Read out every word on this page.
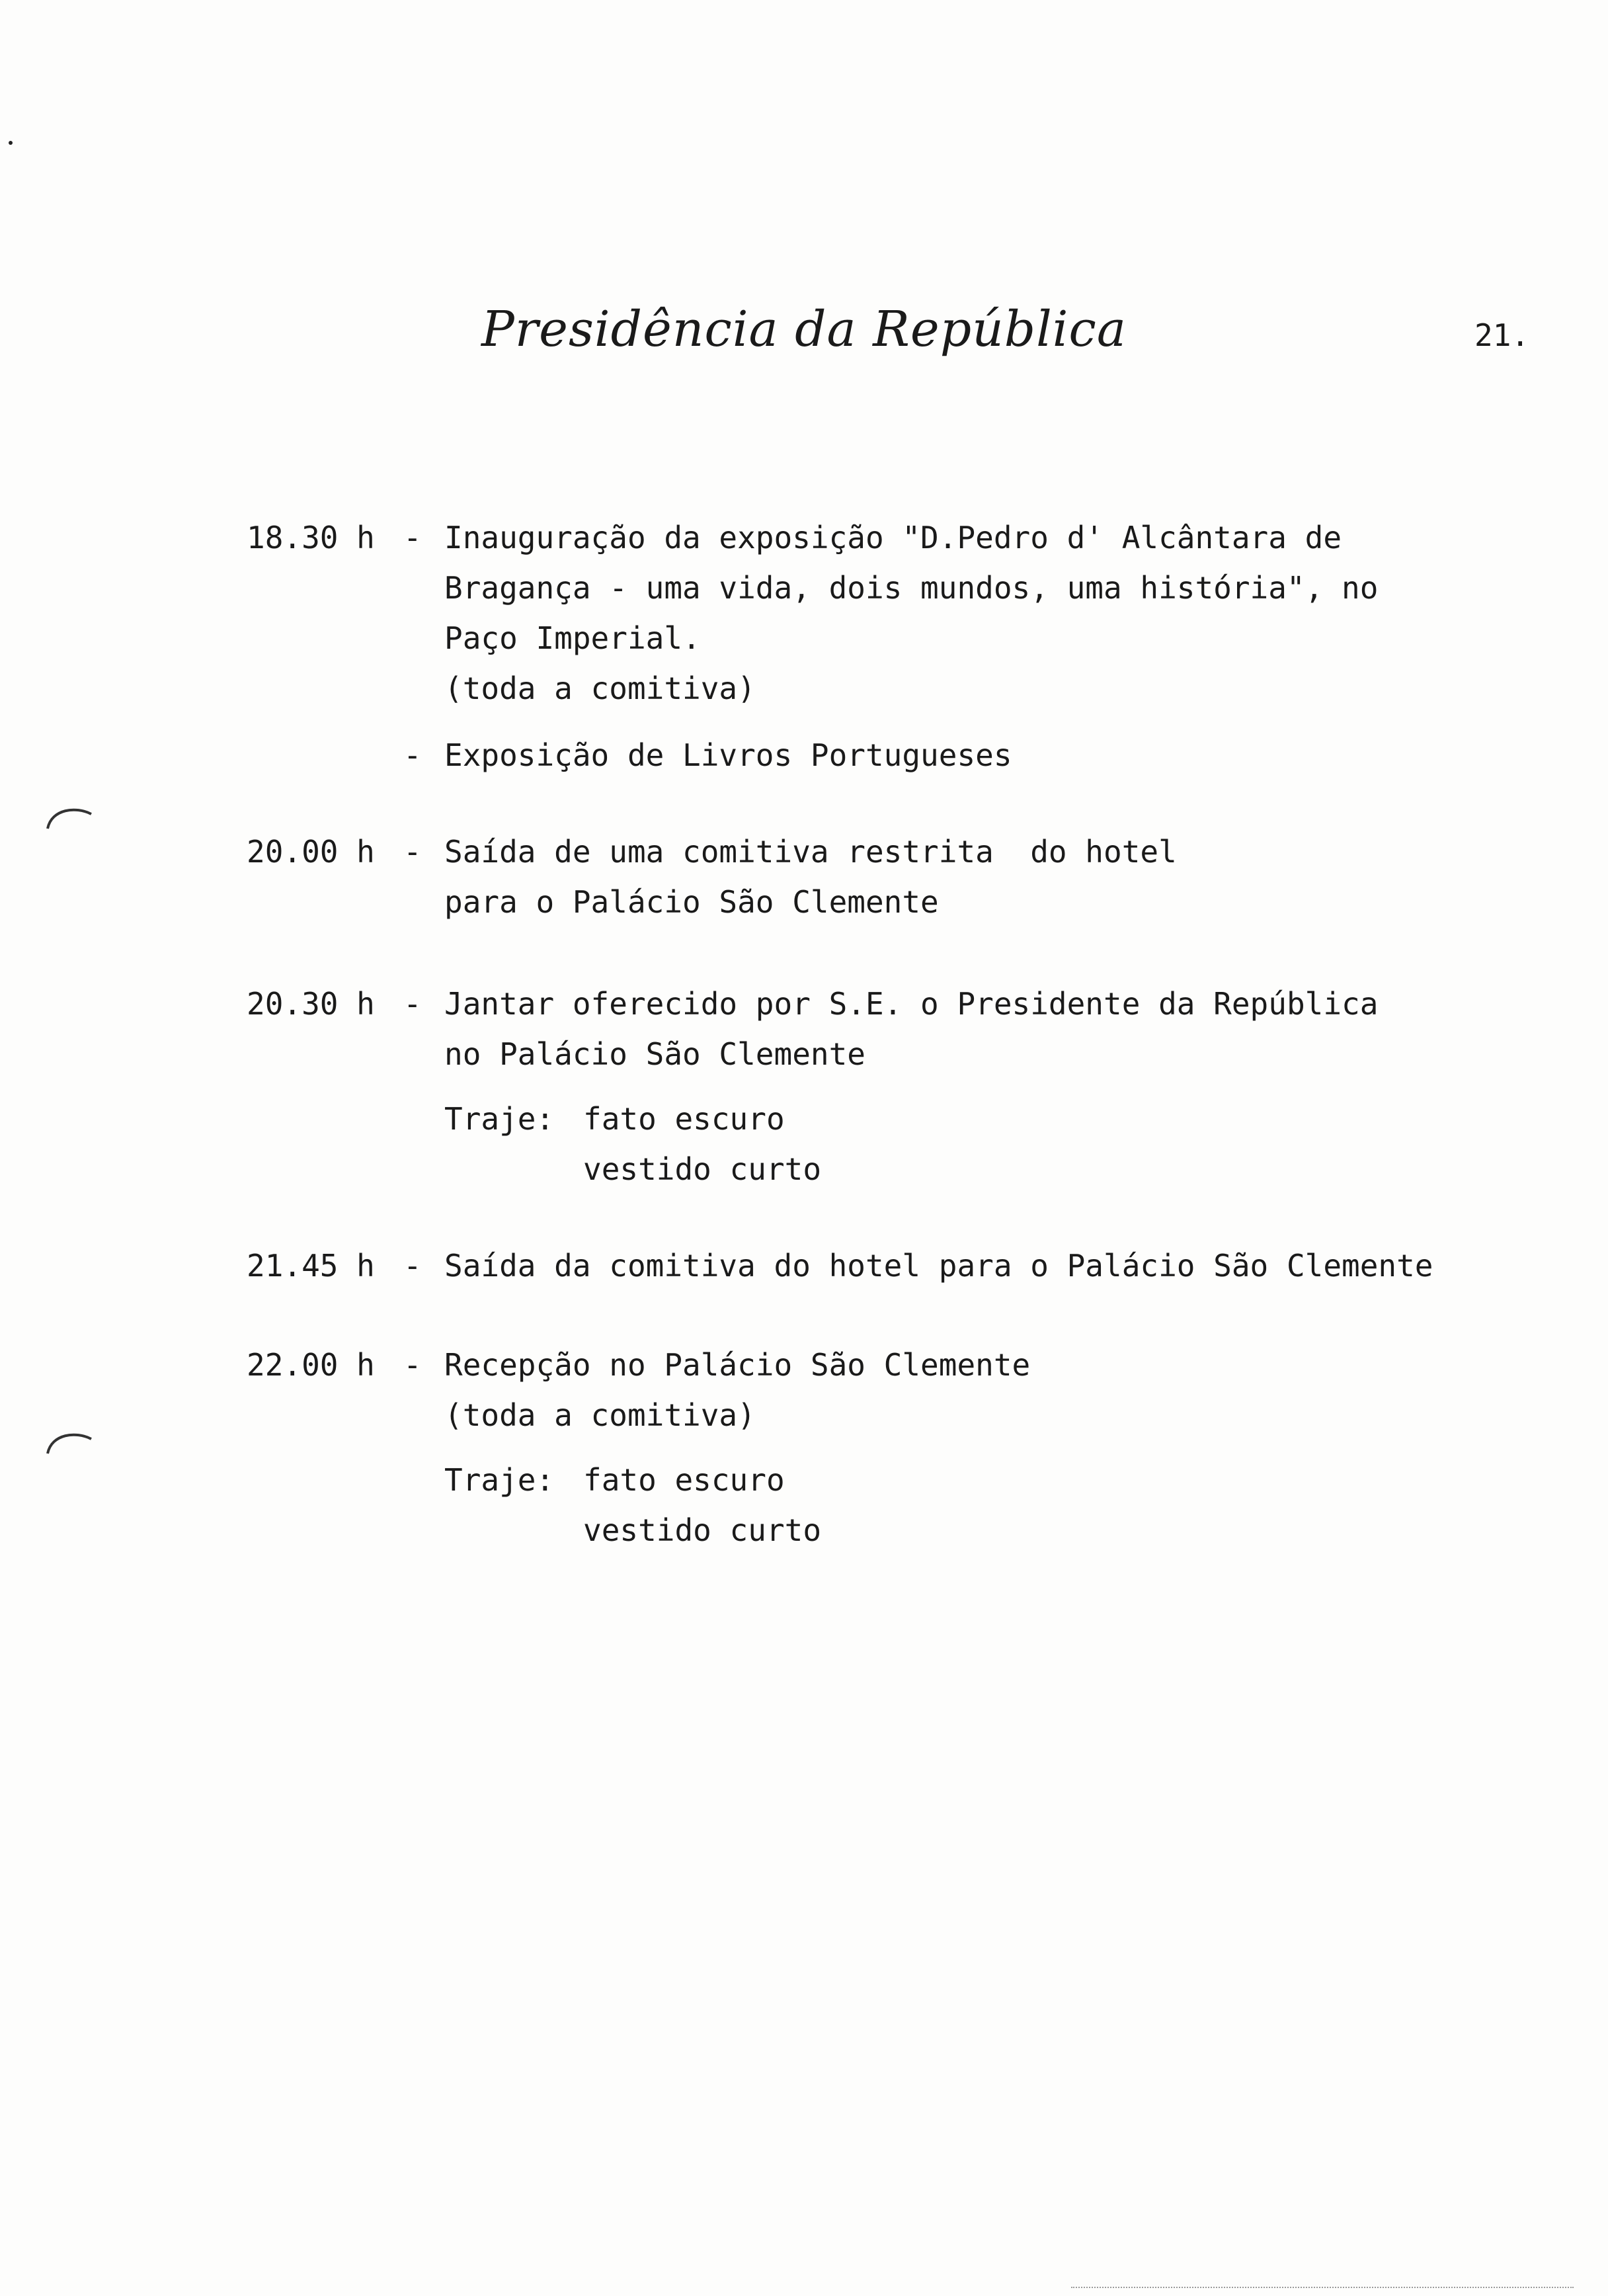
Presidência da República	21.
18.30 h - Inauguração da exposição "D.Pedro d' Alcântara de
Bragança - uma vida, dois mundos, uma história", no
Paço Imperial.
(toda a comitiva)
- Exposição de Livros Portugueses
20.00 h - Saída de uma comitiva restrita  do hotel
para o Palácio São Clemente
20.30 h - Jantar oferecido por S.E. o Presidente da República
no Palácio São Clemente
Traje: fato escuro
vestido curto
21.45 h - Saída da comitiva do hotel para o Palácio São Clemente
22.00 h - Recepção no Palácio São Clemente
(toda a comitiva)
Traje: fato escuro
vestido curto
